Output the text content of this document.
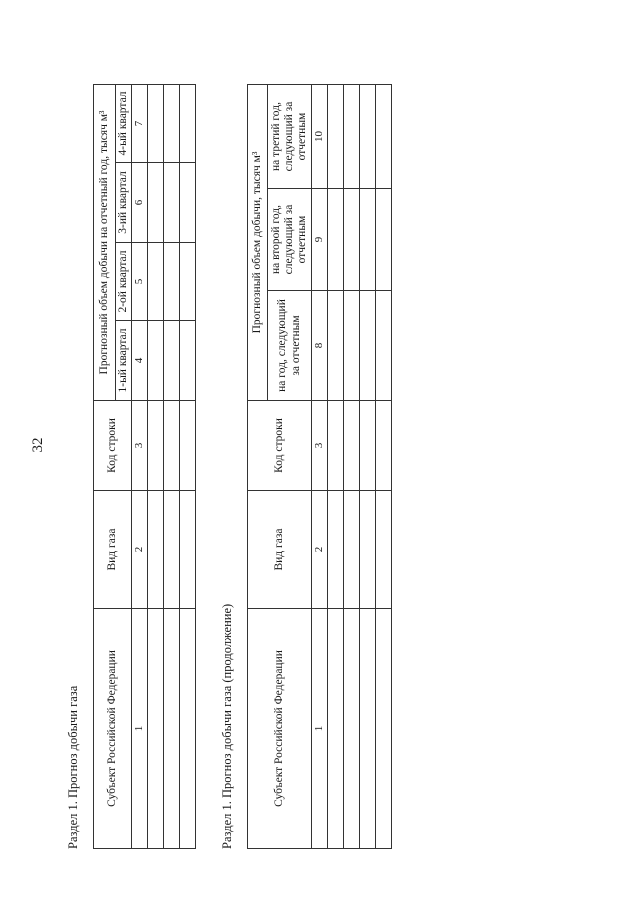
32
Раздел 1. Прогноз добычи газа Субъект Российской Федерации	Вид газа	Код строки	Прогнозный объем добычи на отчетный год, тысяч м³			
			1-ый квартал	2-ой квартал	3-ий квартал	4-ый квартал
1	2	3	4	5	6	7

Раздел 1. Прогноз добычи газа (продолжение)	Субъект Российской Федерации	Вид газа	Код строки	Прогнозный объем добычи, тысяч м³		
			на год, следующий за отчетным	на второй год, следующий за отчетным	на третий год, следующий за отчетным
1	2	3	8	9	10
